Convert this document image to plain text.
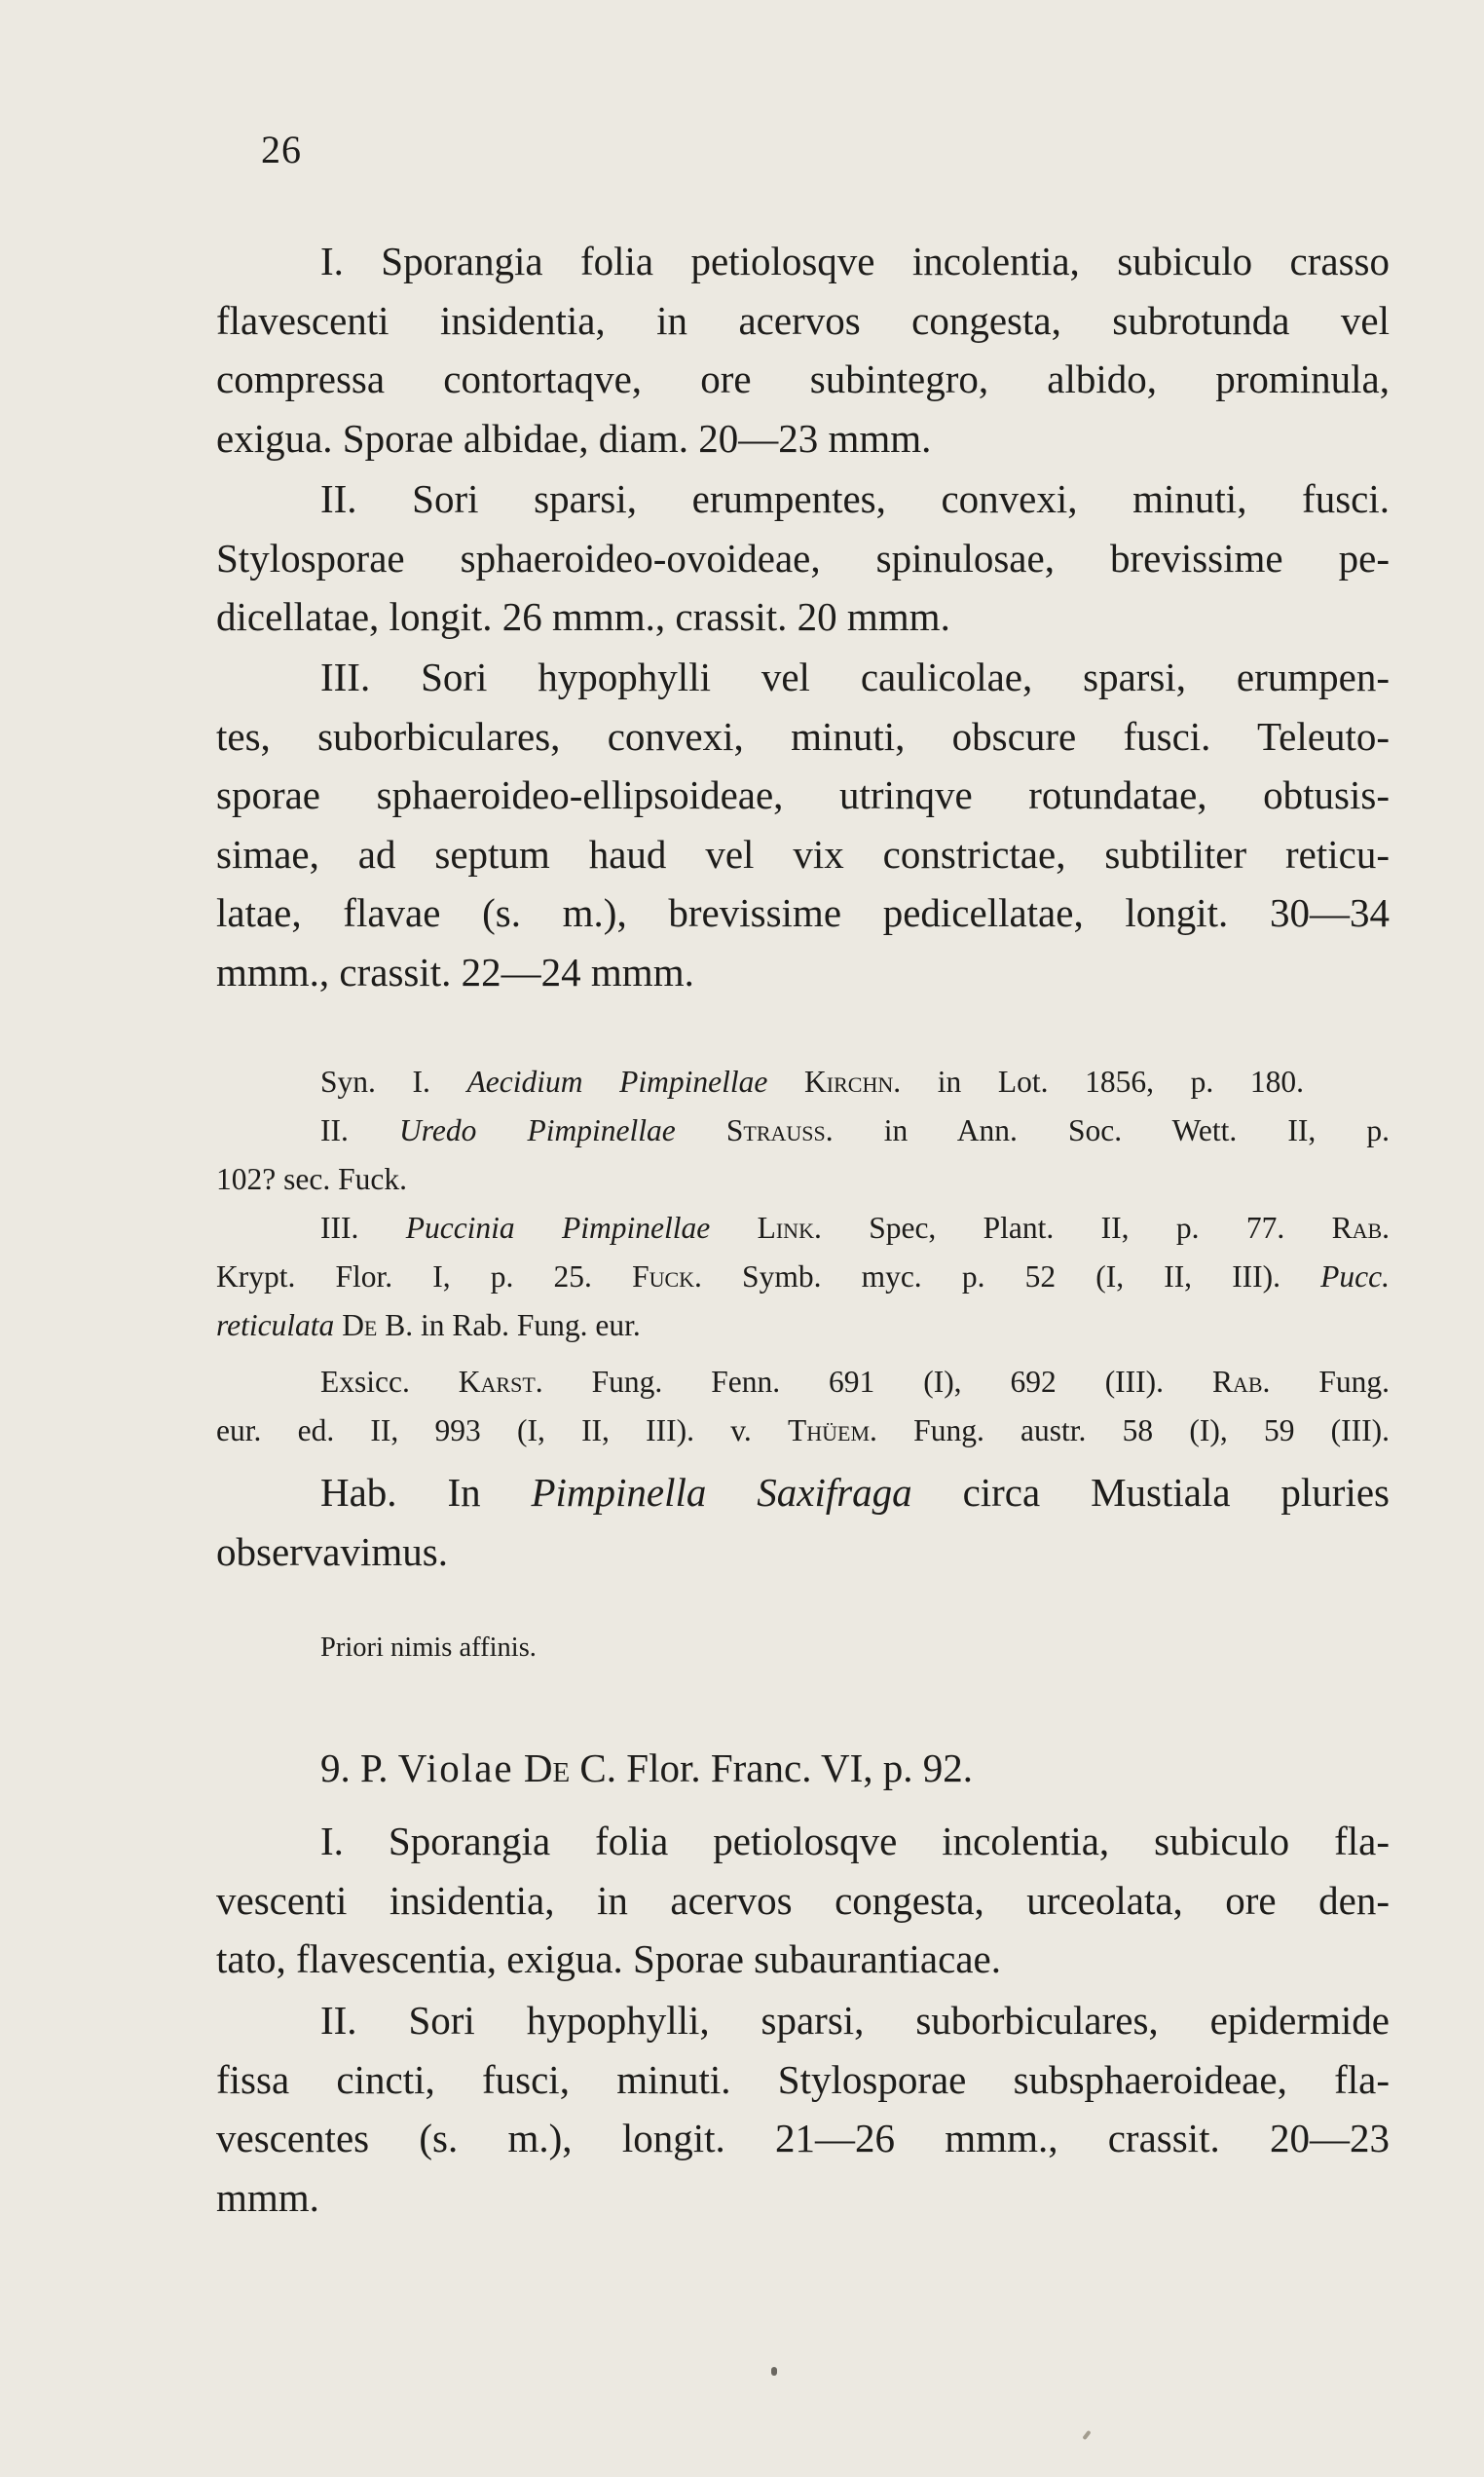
26
I. Sporangia folia petiolosqve incolentia, subiculo crasso
flavescenti insidentia, in acervos congesta, subrotunda vel
compressa contortaqve, ore subintegro, albido, prominula,
exigua. Sporae albidae, diam. 20—23 mmm.
II. Sori sparsi, erumpentes, convexi, minuti, fusci.
Stylosporae sphaeroideo-ovoideae, spinulosae, brevissime pe-
dicellatae, longit. 26 mmm., crassit. 20 mmm.
III. Sori hypophylli vel caulicolae, sparsi, erumpen-
tes, suborbiculares, convexi, minuti, obscure fusci. Teleuto-
sporae sphaeroideo-ellipsoideae, utrinqve rotundatae, obtusis-
simae, ad septum haud vel vix constrictae, subtiliter reticu-
latae, flavae (s. m.), brevissime pedicellatae, longit. 30—34
mmm., crassit. 22—24 mmm.
Syn. I. Aecidium Pimpinellae Kirchn. in Lot. 1856, p. 180.
II. Uredo Pimpinellae Strauss. in Ann. Soc. Wett. II, p.
102? sec. Fuck.
III. Puccinia Pimpinellae Link. Spec, Plant. II, p. 77. Rab.
Krypt. Flor. I, p. 25. Fuck. Symb. myc. p. 52 (I, II, III). Pucc.
reticulata De B. in Rab. Fung. eur.
Exsicc. Karst. Fung. Fenn. 691 (I), 692 (III). Rab. Fung.
eur. ed. II, 993 (I, II, III). v. Thüem. Fung. austr. 58 (I), 59 (III).
Hab. In Pimpinella Saxifraga circa Mustiala pluries
observavimus.
Priori nimis affinis.
9. P. Violae De C. Flor. Franc. VI, p. 92.
I. Sporangia folia petiolosqve incolentia, subiculo fla-
vescenti insidentia, in acervos congesta, urceolata, ore den-
tato, flavescentia, exigua. Sporae subaurantiacae.
II. Sori hypophylli, sparsi, suborbiculares, epidermide
fissa cincti, fusci, minuti. Stylosporae subsphaeroideae, fla-
vescentes (s. m.), longit. 21—26 mmm., crassit. 20—23
mmm.
